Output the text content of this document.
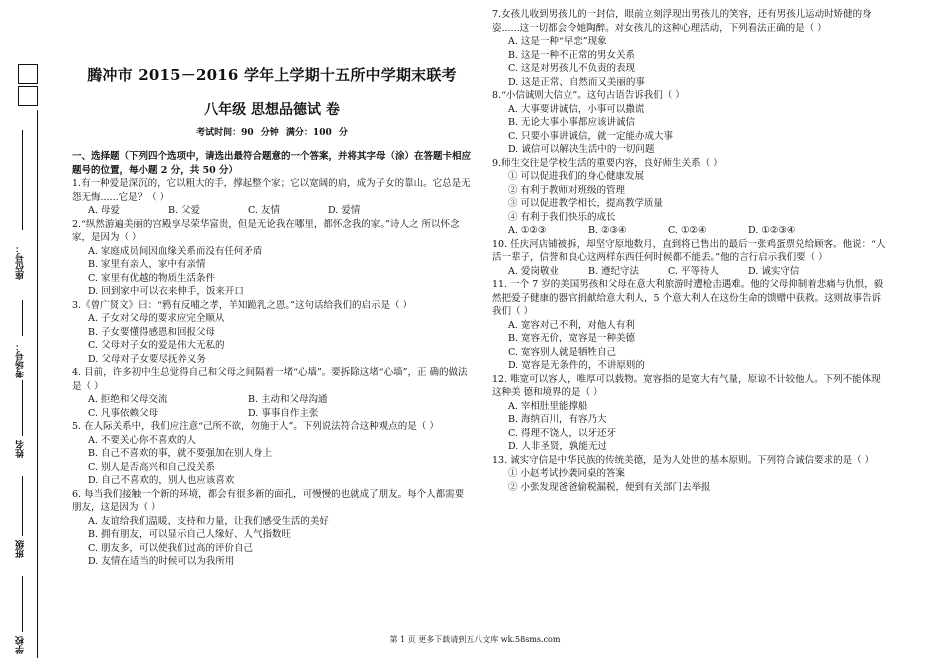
座位号：
考场号：
姓名
班级
学校
腾冲市 2015－2016 学年上学期十五所中学期末联考
八年级 思想品德试 卷
考试时间：90 分钟 满分：100 分
一、选择题（下列四个选项中，请选出最符合题意的一个答案，并将其字母（涂）在答题卡相应题号的位置，每小题 2 分，共 50 分）
1.有一种爱是深沉的，它以粗大的手，撑起整个家；它以宽阔的肩，成为子女的靠山。它总是无怨无悔......它是？（ ）
A. 母爱	B. 父爱	C. 友情	D. 爱情
2.“纵然游遍美丽的宫殿享尽荣华富贵，但是无论我在哪里，都怀念我的家。”诗人之 所以怀念家，是因为（ ）
A. 家庭成员间因血缘关系而没有任何矛盾
B. 家里有亲人，家中有亲情
C. 家里有优越的物质生活条件
D. 回到家中可以衣来伸手，饭来开口
3.《曾广贤文》曰：“鸦有反哺之孝，羊知跪乳之恩。”这句话给我们的启示是（ ）
A. 子女对父母的要求应完全顺从
B. 子女要懂得感恩和回报父母
C. 父母对子女的爱是伟大无私的
D. 父母对子女要尽抚养义务
4. 目前，许多初中生总觉得自己和父母之间隔着一堵“心墙”。要拆除这堵“心墙”，正 确的做法是（ ）
A. 拒绝和父母交流	B. 主动和父母沟通
C. 凡事依赖父母	D. 事事自作主张
5. 在人际关系中，我们应注意“己所不欲，勿施于人”。下列说法符合这种观点的是（ ）
A. 不要关心你不喜欢的人
B. 自己不喜欢的事，就不要强加在别人身上
C. 别人是否高兴和自己没关系
D. 自己不喜欢的，别人也应该喜欢
6. 每当我们接触一个新的环境，都会有很多新的面孔，可慢慢的也就成了朋友。每个人都需要朋友，这是因为（ ）
A. 友谊给我们温暖、支持和力量，让我们感受生活的美好
B. 拥有朋友，可以显示自己人缘好、人气指数旺
C. 朋友多，可以使我们过高的评价自己
D. 友情在适当的时候可以为我所用
7.女孩儿收到男孩儿的一封信，眼前立刻浮现出男孩儿的笑容，还有男孩儿运动时矫健的身姿......这一切都会令她陶醉。对女孩儿的这种心理活动，下列看法正确的是（ ）
A. 这是一种“早恋”现象
B. 这是一种不正常的男女关系
C. 这是对男孩儿不负责的表现
D. 这是正常、自然而又美丽的事
8.“小信诚则大信立”。这句古语告诉我们（ ）
A. 大事要讲诚信，小事可以撒谎
B. 无论大事小事都应该讲诚信
C. 只要小事讲诚信，就一定能办成大事
D. 诚信可以解决生活中的一切问题
9.师生交往是学校生活的重要内容，良好师生关系（ ）
① 可以促进我们的身心健康发展
② 有利于教师对班级的管理
③ 可以促进教学相长，提高教学质量
④ 有利于我们快乐的成长
A. ①②③	B. ②③④	C. ①②④	D. ①②③④
10. 任庆河店铺被拆，却坚守原地数月，直到将已售出的最后一张鸡蛋票兑给顾客。他说：“人活一辈子，信誉和良心这两样东西任何时候都不能丢。”他的言行启示我们要（ ）
A. 爱岗敬业	B. 遵纪守法	C. 平等待人	D. 诚实守信
11. 一个 7 岁的美国男孩和父母在意大利旅游时遭枪击遇难。他的父母抑制着悲痛与仇恨，毅然把爱子健康的器官捐献给意大利人，5 个意大利人在这份生命的馈赠中获救。这则故事告诉我们（ ）
A. 宽容对己不利，对他人有利
B. 宽容无价，宽容是一种美德
C. 宽容别人就是牺牲自己
D. 宽容是无条件的，不讲原则的
12. 唯宽可以容人，唯厚可以载物。宽容指的是宽大有气量，原谅不计较他人。下列不能体现这种美 德和境界的是（ ）
A. 宰相肚里能撑船
B. 海纳百川，有容乃大
C. 得理不饶人，以牙还牙
D. 人非圣贤，孰能无过
13. 诚实守信是中华民族的传统美德，是为人处世的基本原则。下列符合诚信要求的是（ ）
① 小赵考试抄袭同桌的答案
② 小张发现爸爸偷税漏税，便到有关部门去举报
第 1 页 更多下载请到五八文库 wk.58sms.com
